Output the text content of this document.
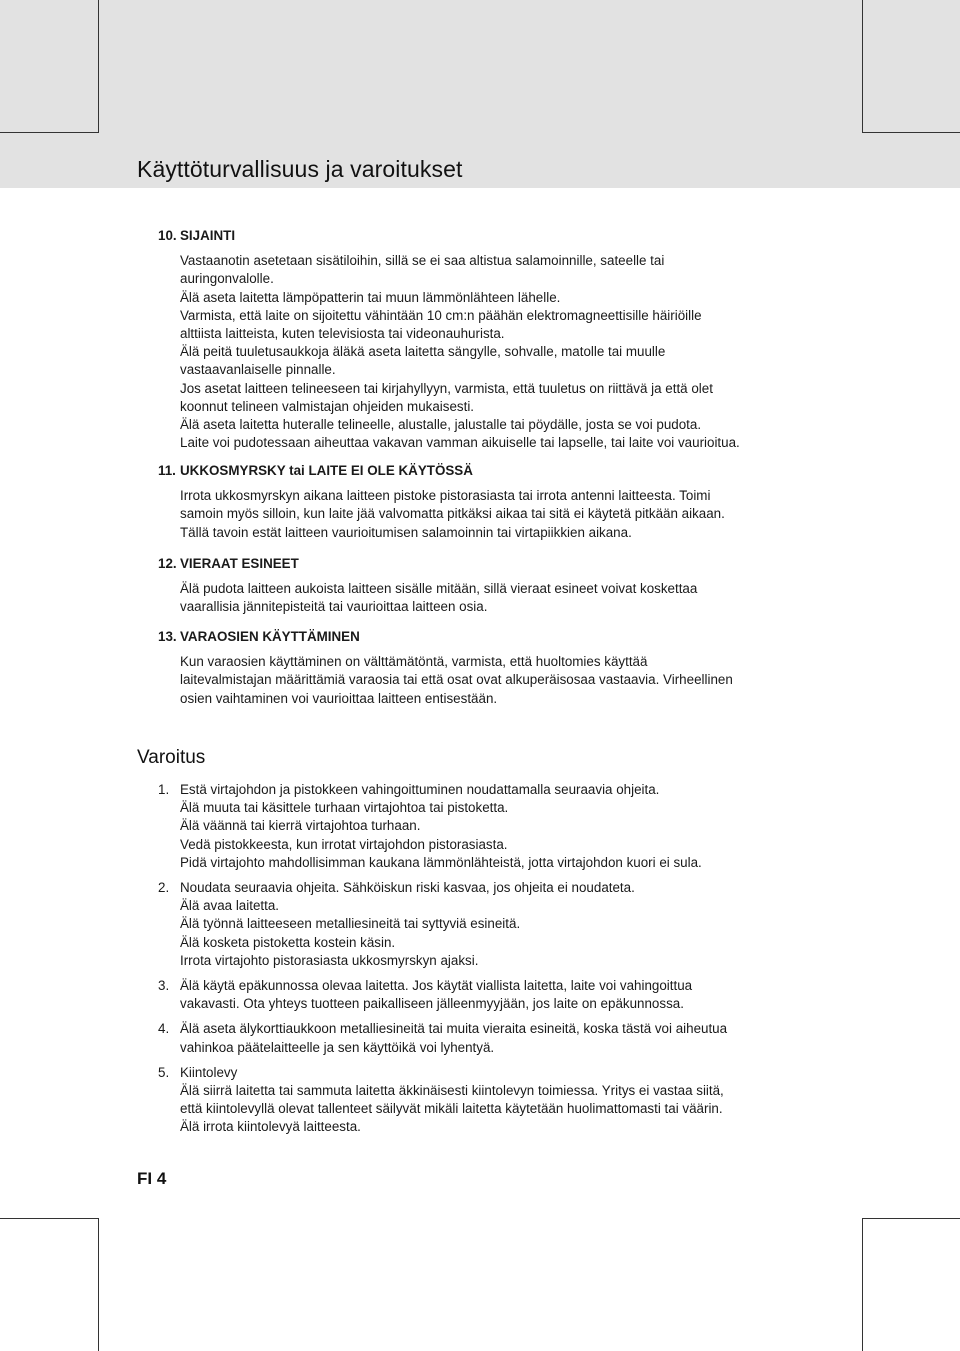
Käyttöturvallisuus ja varoitukset
10. SIJAINTI

Vastaanotin asetetaan sisätiloihin, sillä se ei saa altistua salamoinnille, sateelle tai

auringonvalolle.

Älä aseta laitetta lämpöpatterin tai muun lämmönlähteen lähelle.

Varmista, että laite on sijoitettu vähintään 10 cm:n päähän elektromagneettisille häiriöille

alttiista laitteista, kuten televisiosta tai videonauhurista.

Älä peitä tuuletusaukkoja äläkä aseta laitetta sängylle, sohvalle, matolle tai muulle

vastaavanlaiselle pinnalle.

Jos asetat laitteen telineeseen tai kirjahyllyyn, varmista, että tuuletus on riittävä ja että olet

koonnut telineen valmistajan ohjeiden mukaisesti.

Älä aseta laitetta huteralle telineelle, alustalle, jalustalle tai pöydälle, josta se voi pudota.

Laite voi pudotessaan aiheuttaa vakavan vamman aikuiselle tai lapselle, tai laite voi vaurioitua.

11. UKKOSMYRSKY tai LAITE EI OLE KÄYTÖSSÄ

Irrota ukkosmyrskyn aikana laitteen pistoke pistorasiasta tai irrota antenni laitteesta. Toimi

samoin myös silloin, kun laite jää valvomatta pitkäksi aikaa tai sitä ei käytetä pitkään aikaan.

Tällä tavoin estät laitteen vaurioitumisen salamoinnin tai virtapiikkien aikana.

12. VIERAAT ESINEET

Älä pudota laitteen aukoista laitteen sisälle mitään, sillä vieraat esineet voivat koskettaa

vaarallisia jännitepisteitä tai vaurioittaa laitteen osia.

13. VARAOSIEN KÄYTTÄMINEN

Kun varaosien käyttäminen on välttämätöntä, varmista, että huoltomies käyttää

laitevalmistajan määrittämiä varaosia tai että osat ovat alkuperäisosaa vastaavia. Virheellinen

osien vaihtaminen voi vaurioittaa laitteen entisestään.

Varoitus
1. Estä virtajohdon ja pistokkeen vahingoittuminen noudattamalla seuraavia ohjeita.

Älä muuta tai käsittele turhaan virtajohtoa tai pistoketta.

Älä väännä tai kierrä virtajohtoa turhaan.

Vedä pistokkeesta, kun irrotat virtajohdon pistorasiasta.

Pidä virtajohto mahdollisimman kaukana lämmönlähteistä, jotta virtajohdon kuori ei sula.

2. Noudata seuraavia ohjeita. Sähköiskun riski kasvaa, jos ohjeita ei noudateta.

Älä avaa laitetta.

Älä työnnä laitteeseen metalliesineitä tai syttyviä esineitä.

Älä kosketa pistoketta kostein käsin.

Irrota virtajohto pistorasiasta ukkosmyrskyn ajaksi.

3. Älä käytä epäkunnossa olevaa laitetta. Jos käytät viallista laitetta, laite voi vahingoittua

vakavasti. Ota yhteys tuotteen paikalliseen jälleenmyyjään, jos laite on epäkunnossa.

4. Älä aseta älykorttiaukkoon metalliesineitä tai muita vieraita esineitä, koska tästä voi aiheutua

vahinkoa päätelaitteelle ja sen käyttöikä voi lyhentyä.

5. Kiintolevy

Älä siirrä laitetta tai sammuta laitetta äkkinäisesti kiintolevyn toimiessa. Yritys ei vastaa siitä,

että kiintolevyllä olevat tallenteet säilyvät mikäli laitetta käytetään huolimattomasti tai väärin.

Älä irrota kiintolevyä laitteesta.

FI 4
